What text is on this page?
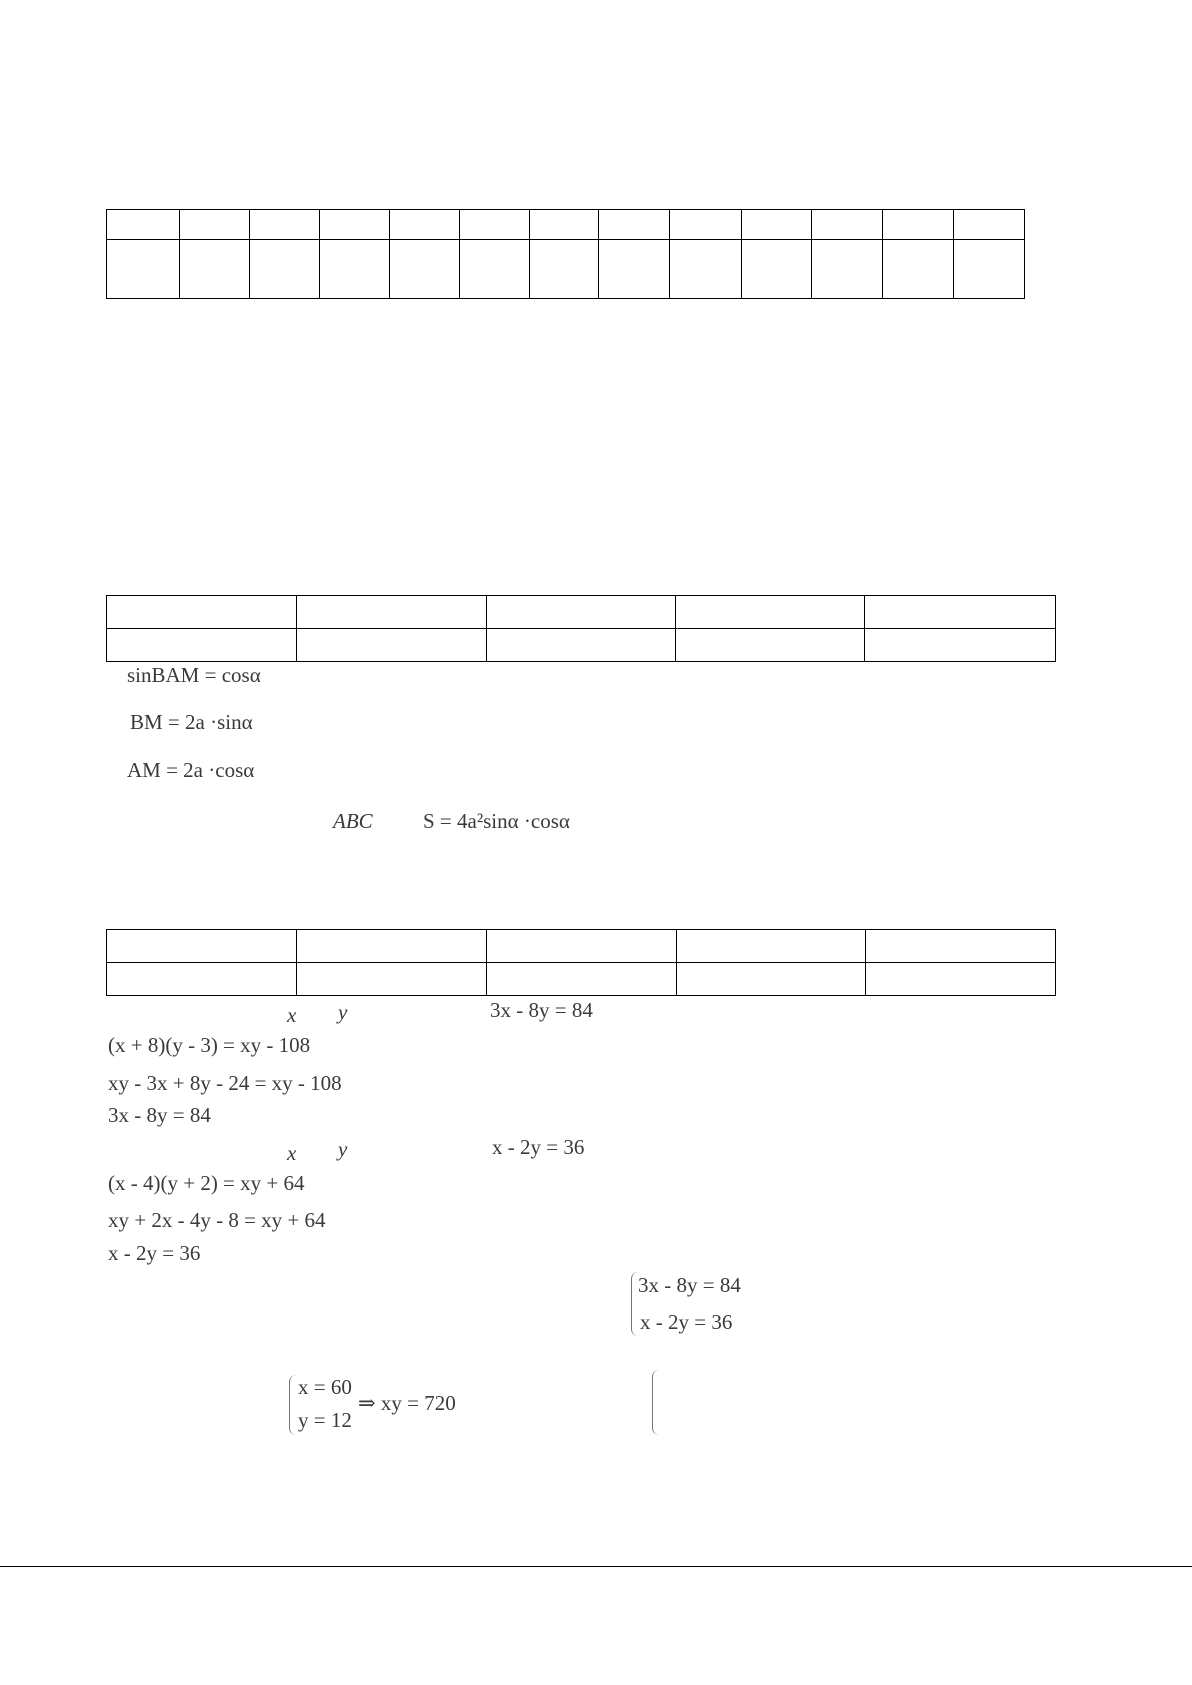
sinBAM = cosα
BM = 2a ·sinα
AM = 2a ·cosα
ABC S = 4a²sinα ·cosα

x y	3x - 8y = 84
(x + 8)(y - 3) = xy - 108
xy - 3x + 8y - 24 = xy - 108
3x - 8y = 84
x y	x - 2y = 36
(x - 4)(y + 2) = xy + 64
xy + 2x - 4y - 8 = xy + 64
x - 2y = 36
3x - 8y = 84
x - 2y = 36
x = 60
y = 12
⇒ xy = 720
